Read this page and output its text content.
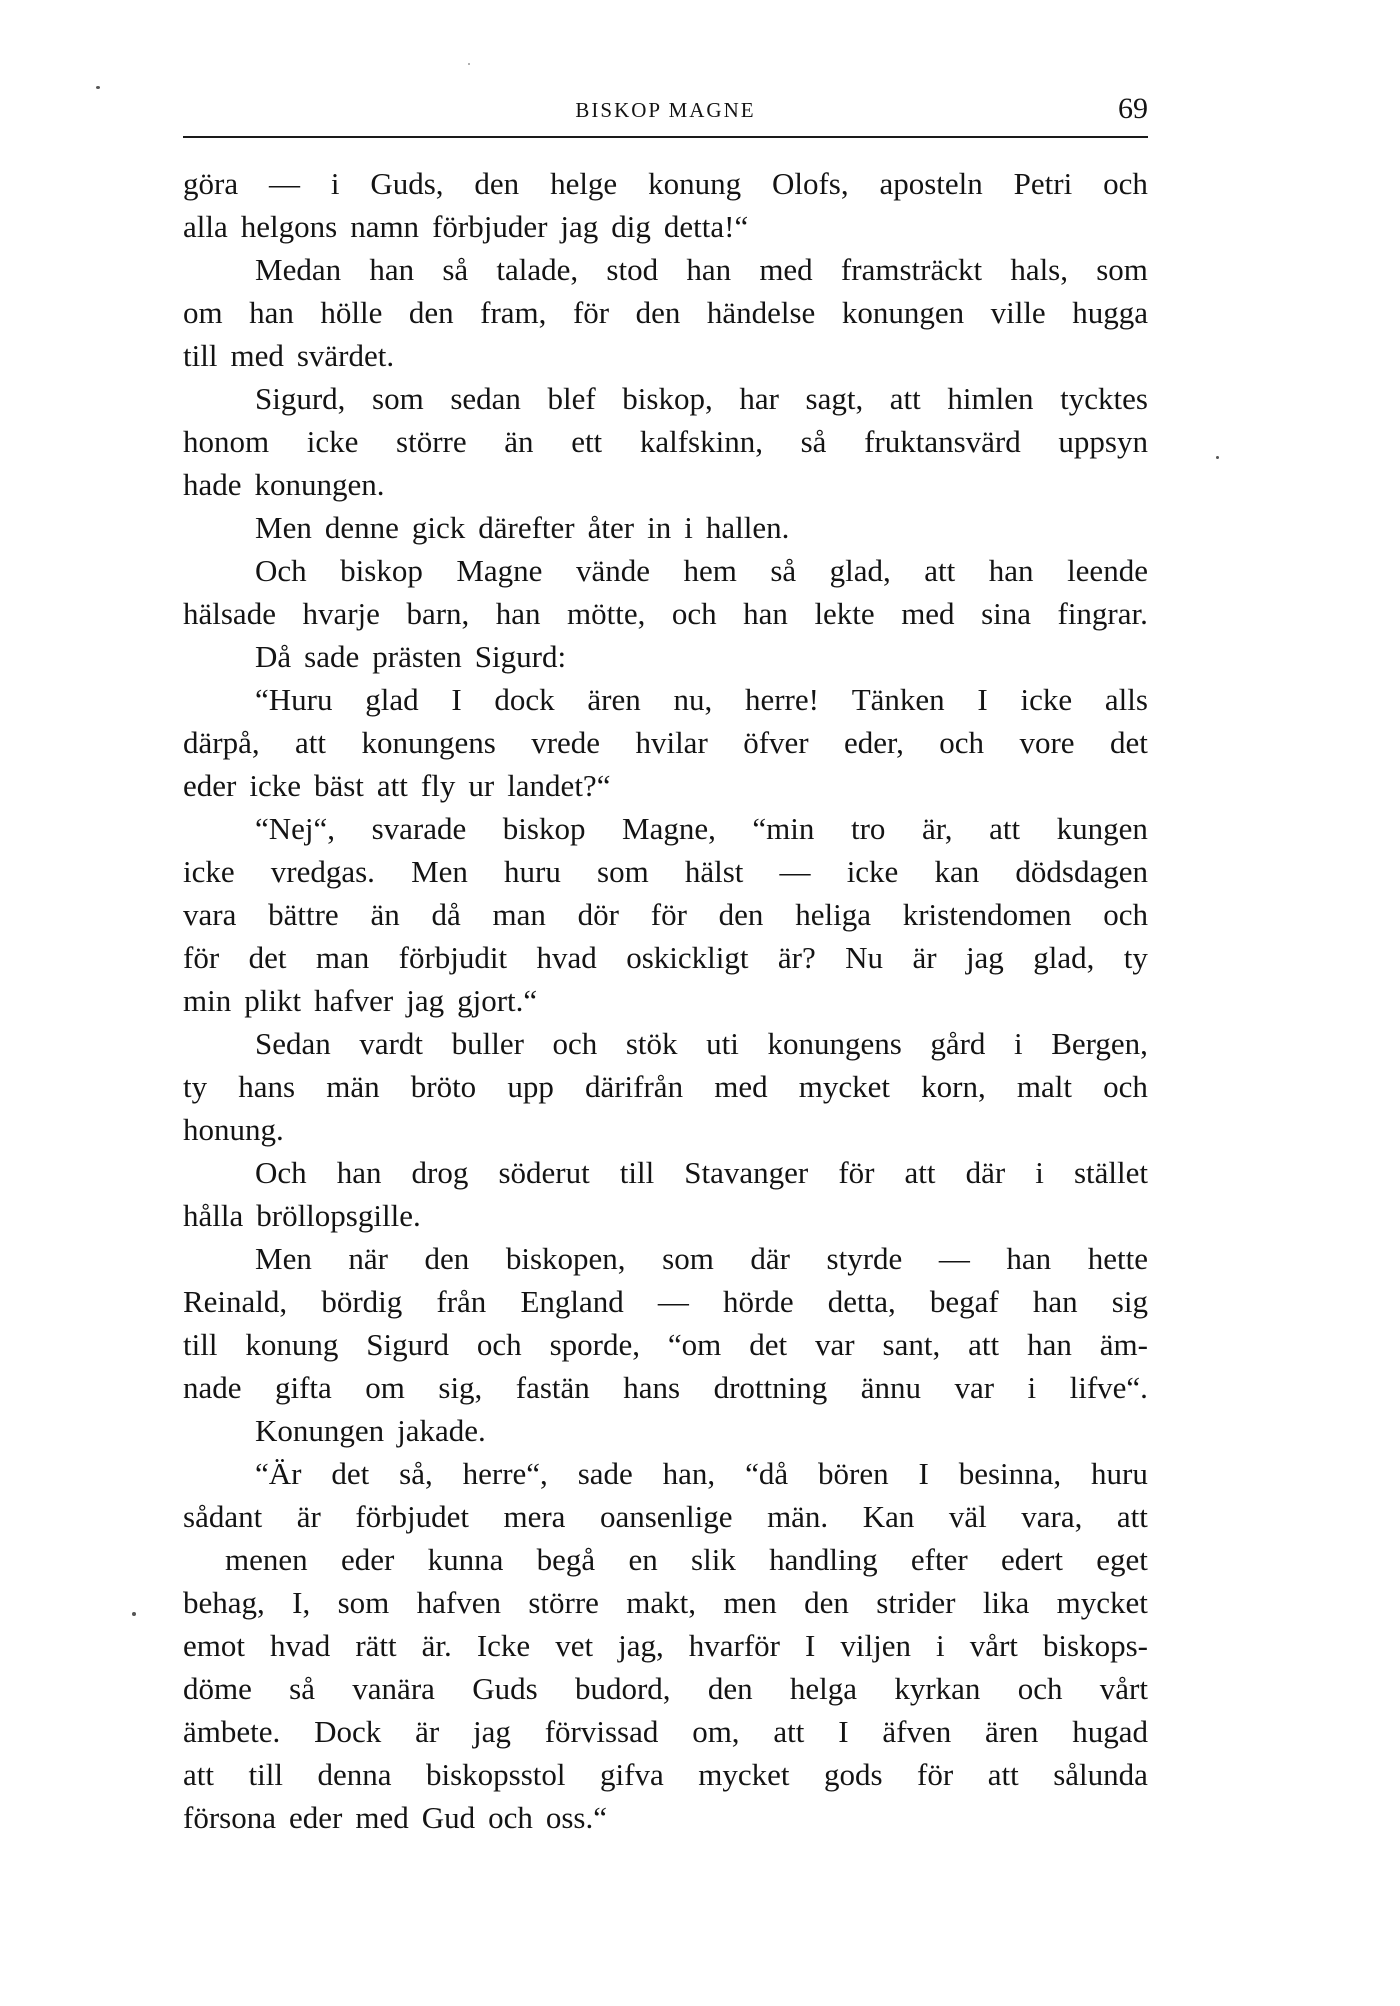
BISKOP MAGNE	69
göra — i Guds, den helge konung Olofs, aposteln Petri och
alla helgons namn förbjuder jag dig detta!“
Medan han så talade, stod han med framsträckt hals, som
om han hölle den fram, för den händelse konungen ville hugga
till med svärdet.
Sigurd, som sedan blef biskop, har sagt, att himlen tycktes
honom icke större än ett kalfskinn, så fruktansvärd uppsyn
hade konungen.
Men denne gick därefter åter in i hallen.
Och biskop Magne vände hem så glad, att han leende
hälsade hvarje barn, han mötte, och han lekte med sina fingrar.
Då sade prästen Sigurd:
“Huru glad I dock ären nu, herre! Tänken I icke alls
därpå, att konungens vrede hvilar öfver eder, och vore det
eder icke bäst att fly ur landet?“
“Nej“, svarade biskop Magne, “min tro är, att kungen
icke vredgas. Men huru som hälst — icke kan dödsdagen
vara bättre än då man dör för den heliga kristendomen och
för det man förbjudit hvad oskickligt är? Nu är jag glad, ty
min plikt hafver jag gjort.“
Sedan vardt buller och stök uti konungens gård i Bergen,
ty hans män bröto upp därifrån med mycket korn, malt och
honung.
Och han drog söderut till Stavanger för att där i stället
hålla bröllopsgille.
Men när den biskopen, som där styrde — han hette
Reinald, bördig från England — hörde detta, begaf han sig
till konung Sigurd och sporde, “om det var sant, att han äm-
nade gifta om sig, fastän hans drottning ännu var i lifve“.
Konungen jakade.
“Är det så, herre“, sade han, “då bören I besinna, huru
sådant är förbjudet mera oansenlige män. Kan väl vara, att
menen eder kunna begå en slik handling efter edert eget
behag, I, som hafven större makt, men den strider lika mycket
emot hvad rätt är. Icke vet jag, hvarför I viljen i vårt biskops-
döme så vanära Guds budord, den helga kyrkan och vårt
ämbete. Dock är jag förvissad om, att I äfven ären hugad
att till denna biskopsstol gifva mycket gods för att sålunda
försona eder med Gud och oss.“
